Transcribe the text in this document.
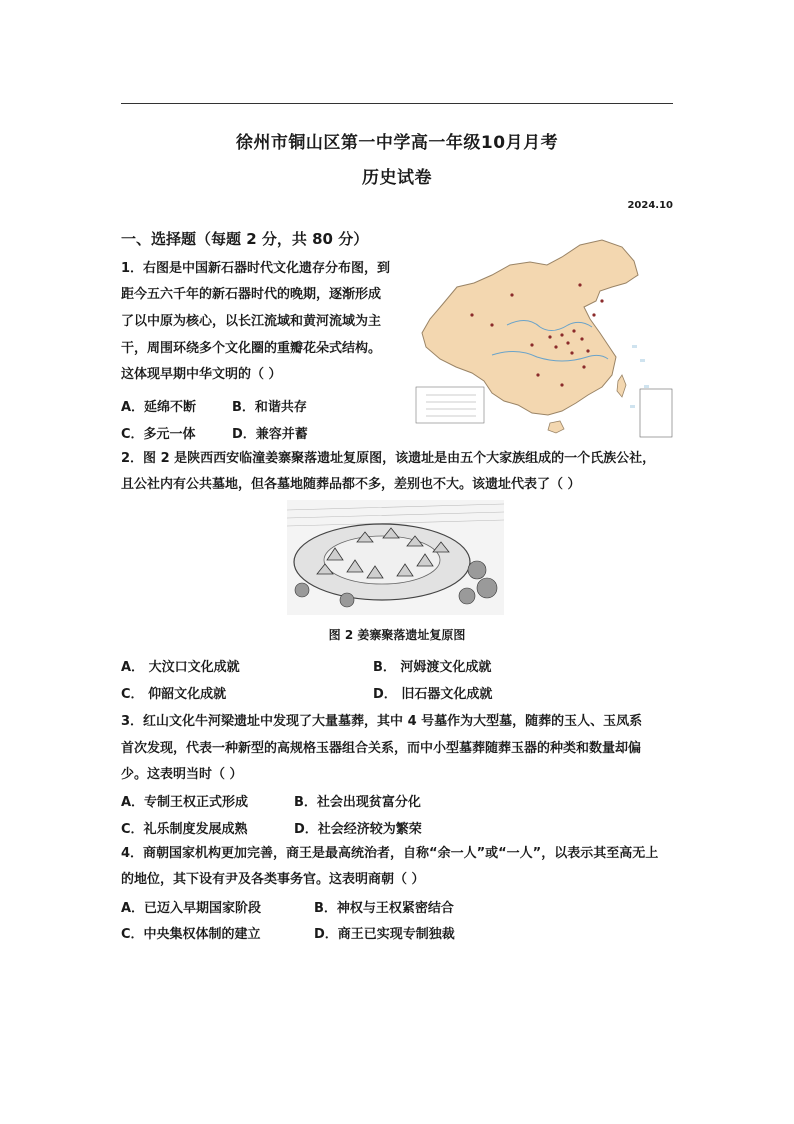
徐州市铜山区第一中学高一年级10月月考
历史试卷
2024.10
一、选择题（每题 2 分，共 80 分）
1．右图是中国新石器时代文化遗存分布图，到
距今五六千年的新石器时代的晚期，逐渐形成
了以中原为核心，以长江流域和黄河流域为主
干，周围环绕多个文化圈的重瓣花朵式结构。
这体现早期中华文明的（ ）
A．延绵不断	B．和谐共存
C．多元一体	D．兼容并蓄
2．图 2 是陕西西安临潼姜寨聚落遗址复原图，该遗址是由五个大家族组成的一个氏族公社，
且公社内有公共墓地，但各墓地随葬品都不多，差别也不大。该遗址代表了（ ）
图 2 姜寨聚落遗址复原图
A． 大汶口文化成就	B． 河姆渡文化成就
C． 仰韶文化成就	D． 旧石器文化成就
3．红山文化牛河梁遗址中发现了大量墓葬，其中 4 号墓作为大型墓，随葬的玉人、玉凤系
首次发现，代表一种新型的高规格玉器组合关系，而中小型墓葬随葬玉器的种类和数量却偏
少。这表明当时（ ）
A．专制王权正式形成	B．社会出现贫富分化
C．礼乐制度发展成熟	D．社会经济较为繁荣
4．商朝国家机构更加完善，商王是最高统治者，自称“余一人”或“一人”，以表示其至高无上
的地位，其下设有尹及各类事务官。这表明商朝（ ）
A．已迈入早期国家阶段	B．神权与王权紧密结合
C．中央集权体制的建立	D．商王已实现专制独裁
